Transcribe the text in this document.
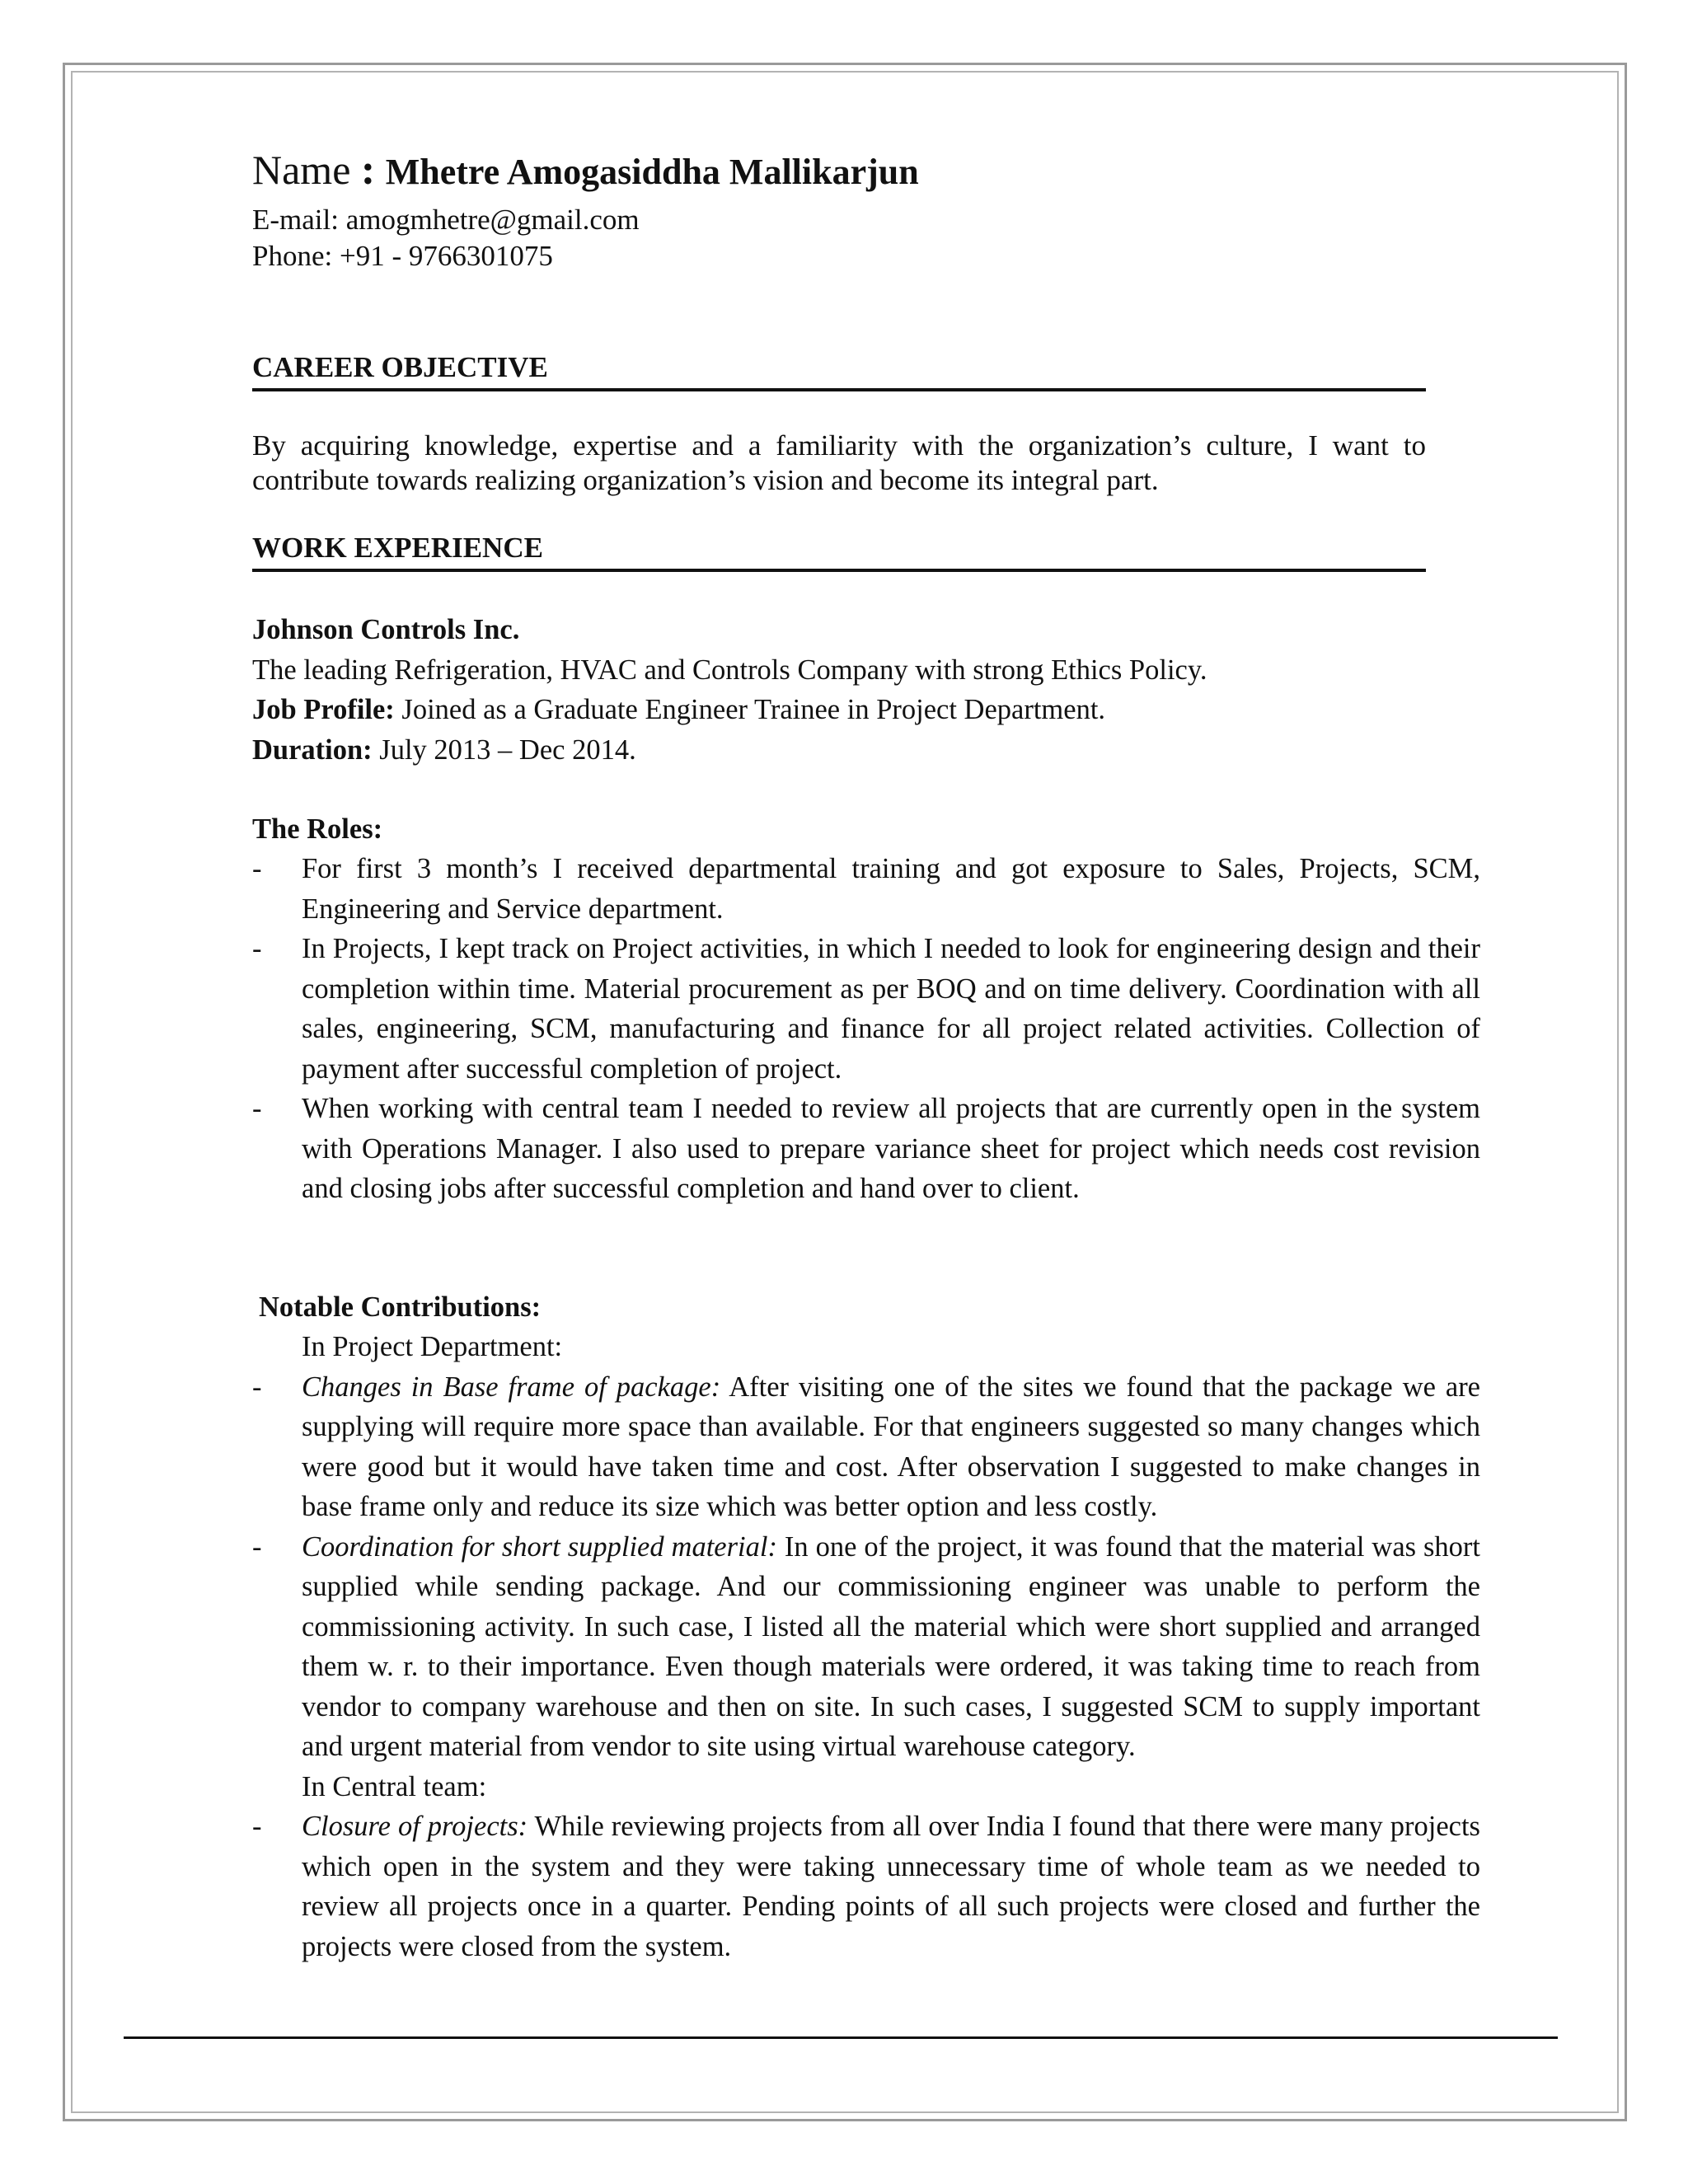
Name : Mhetre Amogasiddha Mallikarjun

E-mail: amogmhetre@gmail.com

Phone: +91 - 9766301075

CAREER OBJECTIVE

By acquiring knowledge, expertise and a familiarity with the organization’s culture, I want to contribute towards realizing organization’s vision and become its integral part.

WORK EXPERIENCE

Johnson Controls Inc.

The leading Refrigeration, HVAC and Controls Company with strong Ethics Policy.

Job Profile: Joined as a Graduate Engineer Trainee in Project Department.

Duration: July 2013 – Dec 2014.

The Roles:

- For first 3 month’s I received departmental training and got exposure to Sales, Projects, SCM, Engineering and Service department.
- In Projects, I kept track on Project activities, in which I needed to look for engineering design and their completion within time. Material procurement as per BOQ and on time delivery. Coordination with all sales, engineering, SCM, manufacturing and finance for all project related activities. Collection of payment after successful completion of project.
- When working with central team I needed to review all projects that are currently open in the system with Operations Manager. I also used to prepare variance sheet for project which needs cost revision and closing jobs after successful completion and hand over to client.

Notable Contributions:

In Project Department:
- Changes in Base frame of package: After visiting one of the sites we found that the package we are supplying will require more space than available. For that engineers suggested so many changes which were good but it would have taken time and cost. After observation I suggested to make changes in base frame only and reduce its size which was better option and less costly.
- Coordination for short supplied material: In one of the project, it was found that the material was short supplied while sending package. And our commissioning engineer was unable to perform the commissioning activity. In such case, I listed all the material which were short supplied and arranged them w. r. to their importance. Even though materials were ordered, it was taking time to reach from vendor to company warehouse and then on site. In such cases, I suggested SCM to supply important and urgent material from vendor to site using virtual warehouse category.
In Central team:
- Closure of projects: While reviewing projects from all over India I found that there were many projects which open in the system and they were taking unnecessary time of whole team as we needed to review all projects once in a quarter. Pending points of all such projects were closed and further the projects were closed from the system.
